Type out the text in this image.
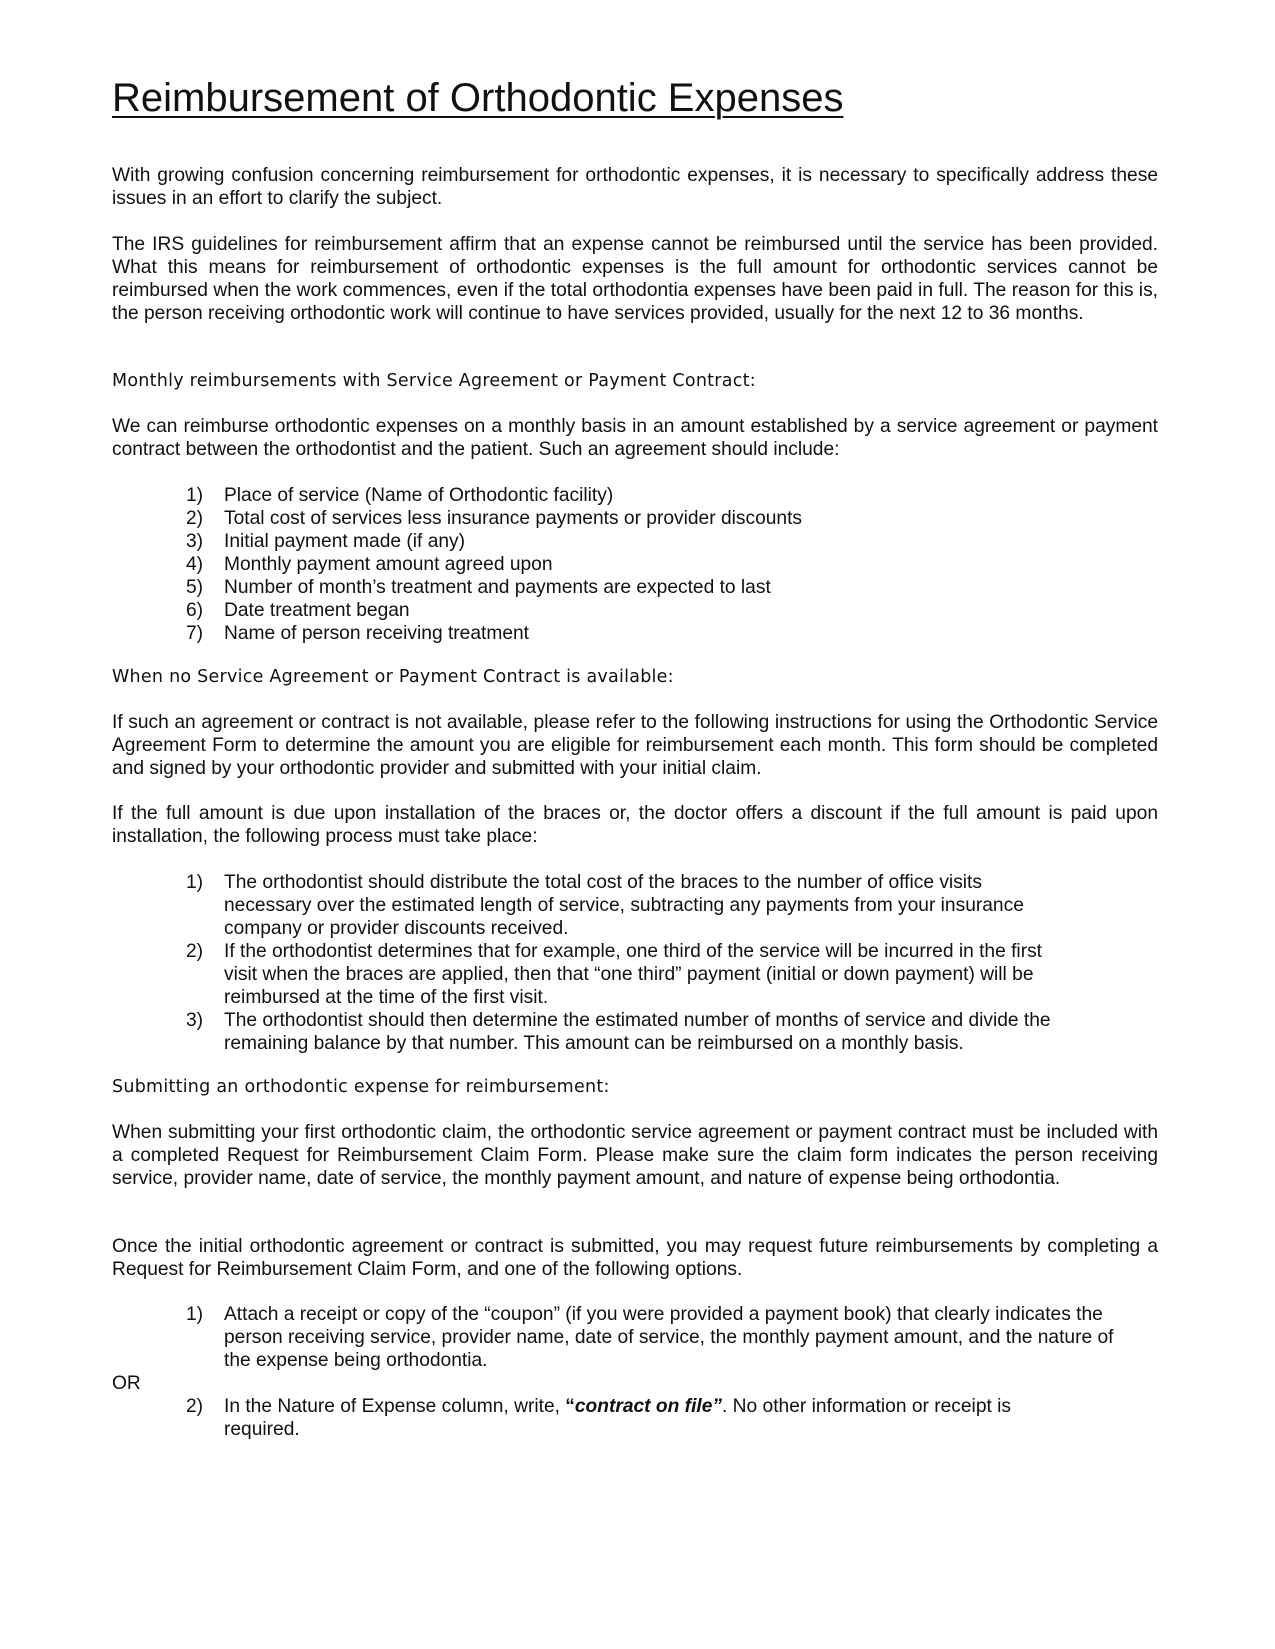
Reimbursement of Orthodontic Expenses

With growing confusion concerning reimbursement for orthodontic expenses, it is necessary to specifically address these issues in an effort to clarify the subject.

The IRS guidelines for reimbursement affirm that an expense cannot be reimbursed until the service has been provided. What this means for reimbursement of orthodontic expenses is the full amount for orthodontic services cannot be reimbursed when the work commences, even if the total orthodontia expenses have been paid in full. The reason for this is, the person receiving orthodontic work will continue to have services provided, usually for the next 12 to 36 months.

Monthly reimbursements with Service Agreement or Payment Contract:

We can reimburse orthodontic expenses on a monthly basis in an amount established by a service agreement or payment contract between the orthodontist and the patient. Such an agreement should include:

1) Place of service (Name of Orthodontic facility)
2) Total cost of services less insurance payments or provider discounts
3) Initial payment made (if any)
4) Monthly payment amount agreed upon
5) Number of month’s treatment and payments are expected to last
6) Date treatment began
7) Name of person receiving treatment

When no Service Agreement or Payment Contract is available:

If such an agreement or contract is not available, please refer to the following instructions for using the Orthodontic Service Agreement Form to determine the amount you are eligible for reimbursement each month. This form should be completed and signed by your orthodontic provider and submitted with your initial claim.

If the full amount is due upon installation of the braces or, the doctor offers a discount if the full amount is paid upon installation, the following process must take place:

1) The orthodontist should distribute the total cost of the braces to the number of office visits necessary over the estimated length of service, subtracting any payments from your insurance company or provider discounts received.
2) If the orthodontist determines that for example, one third of the service will be incurred in the first visit when the braces are applied, then that “one third” payment (initial or down payment) will be reimbursed at the time of the first visit.
3) The orthodontist should then determine the estimated number of months of service and divide the remaining balance by that number. This amount can be reimbursed on a monthly basis.

Submitting an orthodontic expense for reimbursement:

When submitting your first orthodontic claim, the orthodontic service agreement or payment contract must be included with a completed Request for Reimbursement Claim Form. Please make sure the claim form indicates the person receiving service, provider name, date of service, the monthly payment amount, and nature of expense being orthodontia.

Once the initial orthodontic agreement or contract is submitted, you may request future reimbursements by completing a Request for Reimbursement Claim Form, and one of the following options.

1) Attach a receipt or copy of the “coupon” (if you were provided a payment book) that clearly indicates the person receiving service, provider name, date of service, the monthly payment amount, and the nature of the expense being orthodontia.

OR

2) In the Nature of Expense column, write, “contract on file”. No other information or receipt is required.
